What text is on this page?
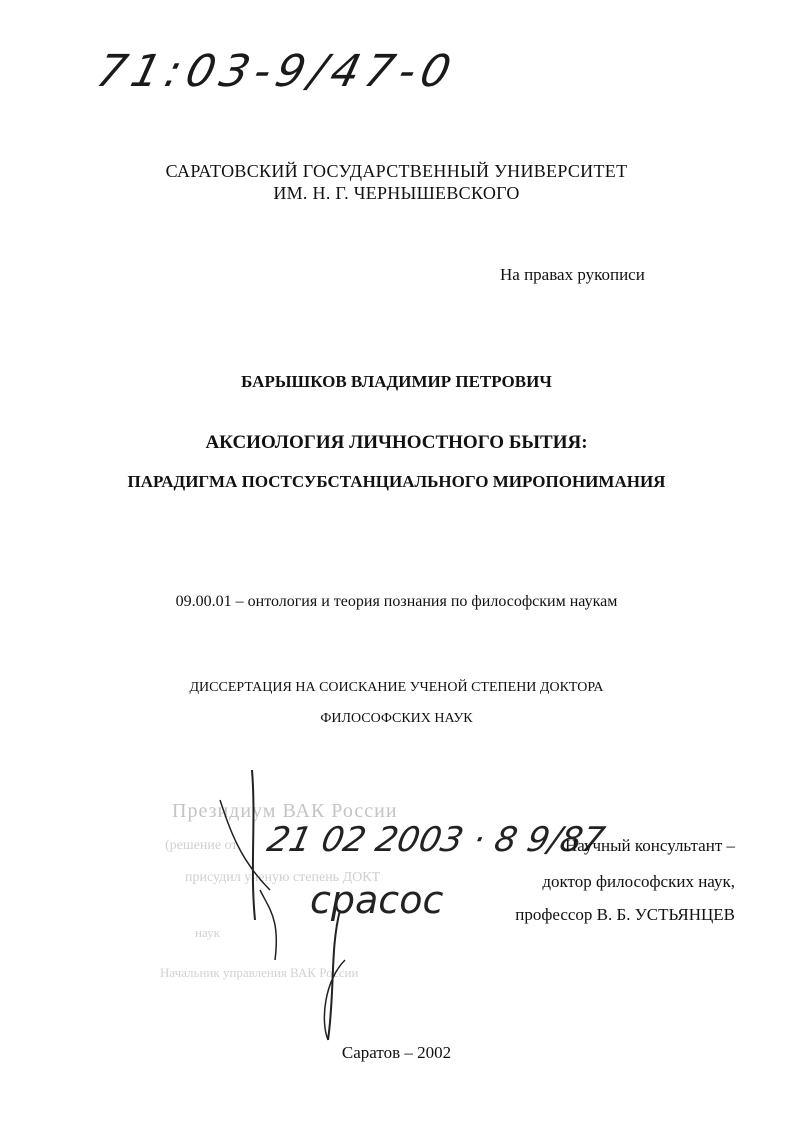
71:03-9/47-0
САРАТОВСКИЙ ГОСУДАРСТВЕННЫЙ УНИВЕРСИТЕТ
ИМ. Н. Г. ЧЕРНЫШЕВСКОГО
На правах рукописи
БАРЫШКОВ ВЛАДИМИР ПЕТРОВИЧ
АКСИОЛОГИЯ ЛИЧНОСТНОГО БЫТИЯ:
ПАРАДИГМА ПОСТСУБСТАНЦИАЛЬНОГО МИРОПОНИМАНИЯ
09.00.01 – онтология и теория познания по философским наукам
ДИССЕРТАЦИЯ НА СОИСКАНИЕ УЧЕНОЙ СТЕПЕНИ ДОКТОРА
ФИЛОСОФСКИХ НАУК
Президиум ВАК России
(решение от
присудил ученую степень ДОКТ
наук
Начальник управления ВАК России
21 02 2003 · 8 9/87
срасос
Научный консультант –
доктор философских наук,
профессор В. Б. УСТЬЯНЦЕВ
Саратов – 2002
